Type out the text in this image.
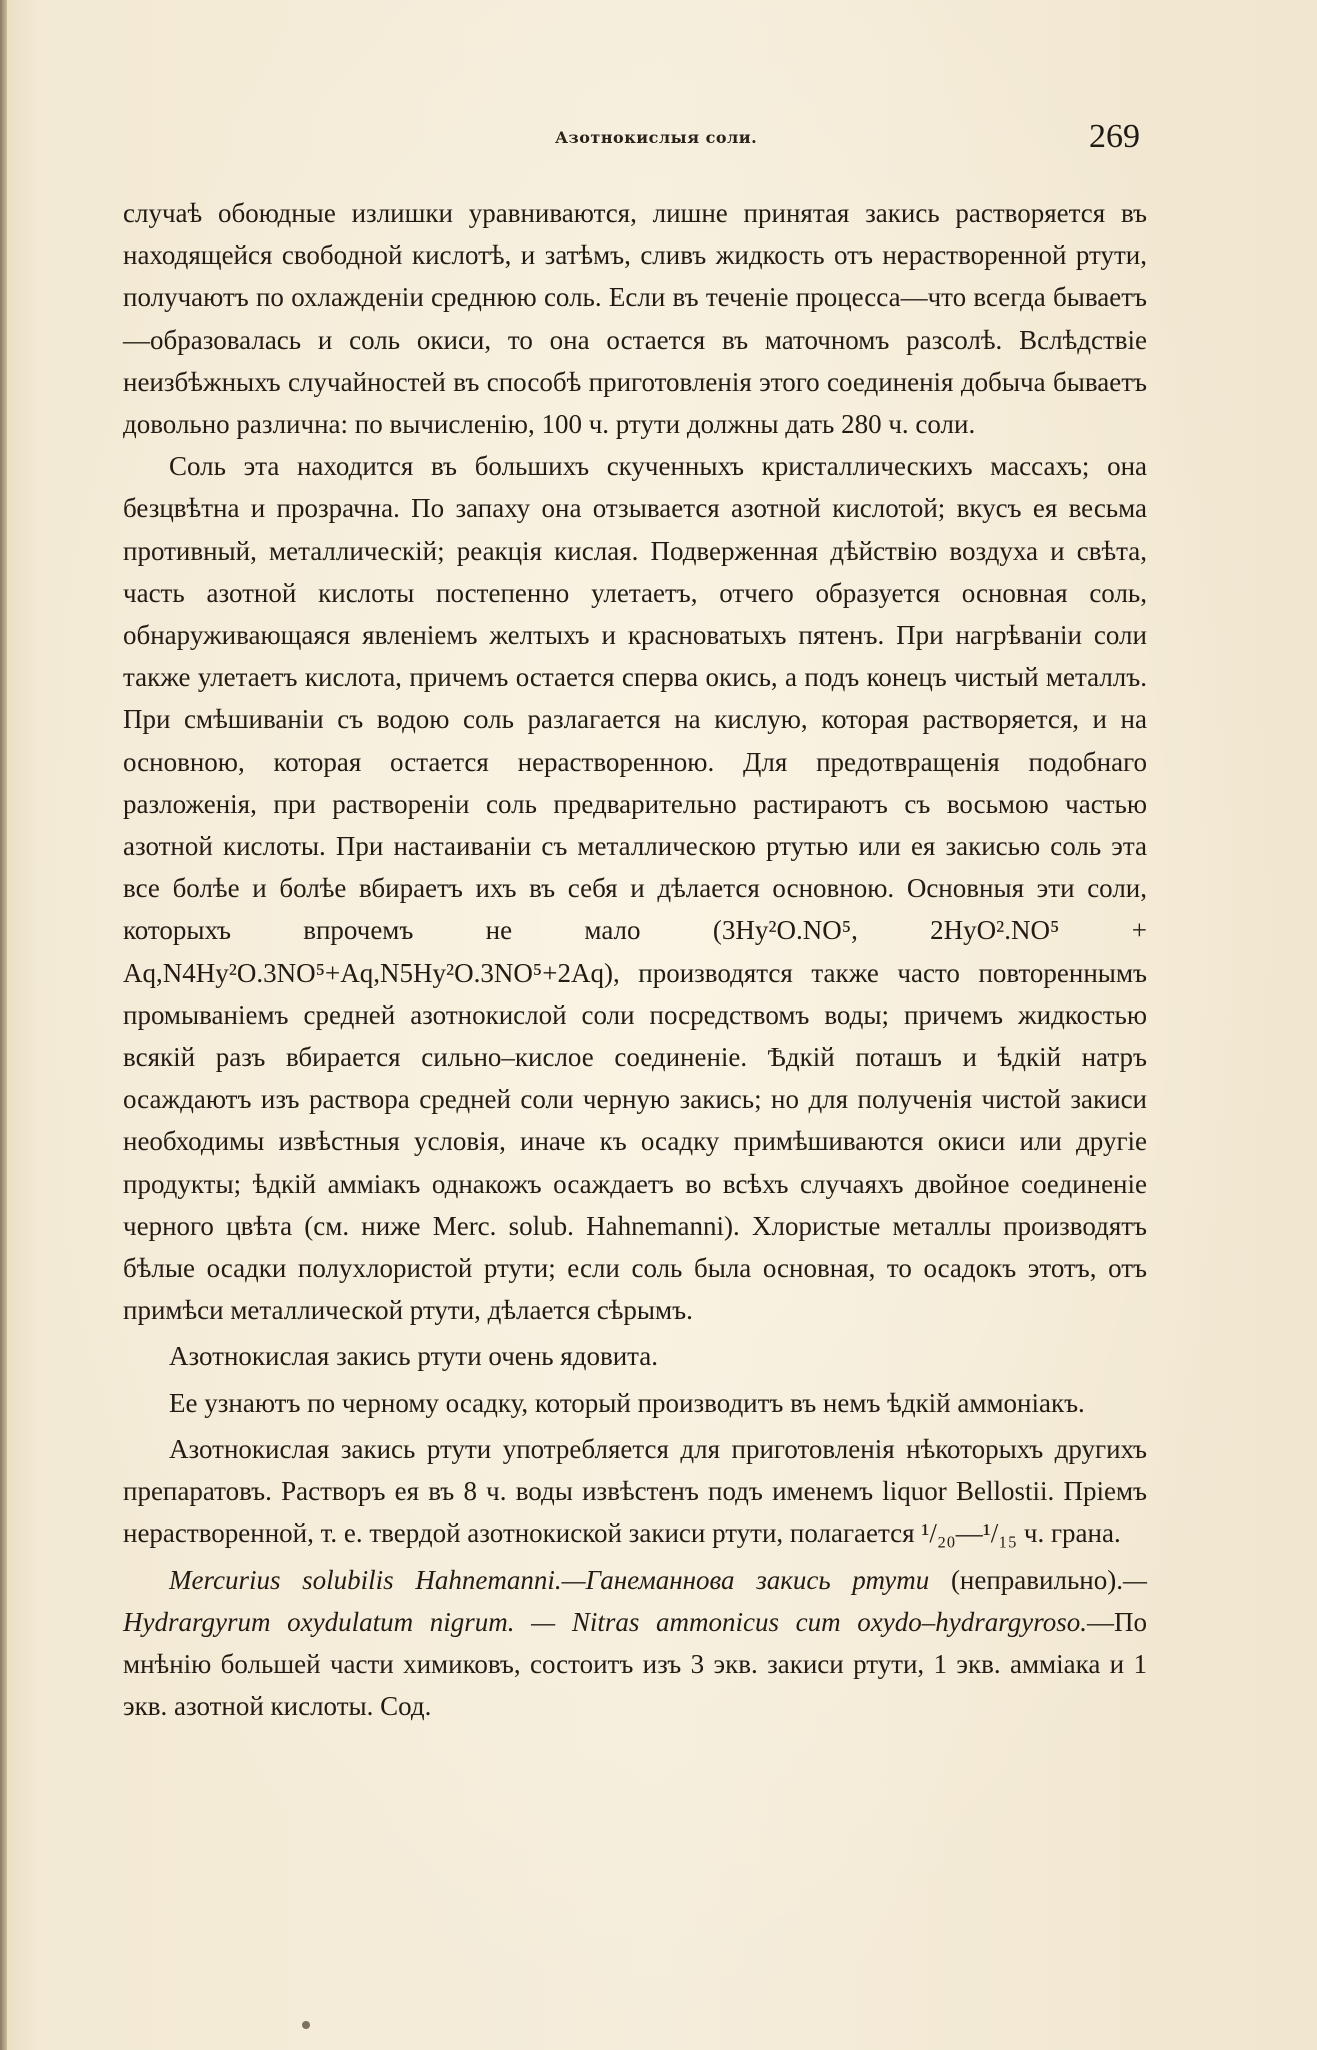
Азотнокислыя соли.	269

случаѣ обоюдные излишки уравниваются, лишне принятая закись растворяется въ находящейся свободной кислотѣ, и затѣмъ, сливъ жидкость отъ нерастворенной ртути, получаютъ по охлажденіи среднюю соль. Если въ теченіе процесса—что всегда бываетъ—образовалась и соль окиси, то она остается въ маточномъ разсолѣ. Вслѣдствіе неизбѣжныхъ случайностей въ способѣ приготовленія этого соединенія добыча бываетъ довольно различна: по вычисленію, 100 ч. ртути должны дать 280 ч. соли.

Соль эта находится въ большихъ скученныхъ кристаллическихъ массахъ; она безцвѣтна и прозрачна. По запаху она отзывается азотной кислотой; вкусъ ея весьма противный, металлическій; реакція кислая. Подверженная дѣйствію воздуха и свѣта, часть азотной кислоты постепенно улетаетъ, отчего образуется основная соль, обнаруживающаяся явленіемъ желтыхъ и красноватыхъ пятенъ. При нагрѣваніи соли также улетаетъ кислота, причемъ остается сперва окись, а подъ конецъ чистый металлъ. При смѣшиваніи съ водою соль разлагается на кислую, которая растворяется, и на основною, которая остается нерастворенною. Для предотвращенія подобнаго разложенія, при раствореніи соль предварительно растираютъ съ восьмою частью азотной кислоты. При настаиваніи съ металлическою ртутью или ея закисью соль эта все болѣе и болѣе вбираетъ ихъ въ себя и дѣлается основною. Основныя эти соли, которыхъ впрочемъ не мало (3Hy²O.NO⁵, 2HyO².NO⁵ + Aq,N4Hy²O.3NO⁵+Aq,N5Hy²O.3NO⁵+2Aq), производятся также часто повтореннымъ промываніемъ средней азотнокислой соли посредствомъ воды; причемъ жидкостью всякій разъ вбирается сильно–кислое соединеніе. Ѣдкій поташъ и ѣдкій натръ осаждаютъ изъ раствора средней соли черную закись; но для полученія чистой закиси необходимы извѣстныя условія, иначе къ осадку примѣшиваются окиси или другіе продукты; ѣдкій амміакъ однакожъ осаждаетъ во всѣхъ случаяхъ двойное соединеніе черного цвѣта (см. ниже Merc. solub. Hahnemanni). Хлористые металлы производятъ бѣлые осадки полухлористой ртути; если соль была основная, то осадокъ этотъ, отъ примѣси металлической ртути, дѣлается сѣрымъ.

Азотнокислая закись ртути очень ядовита.

Ее узнаютъ по черному осадку, который производитъ въ немъ ѣдкій аммоніакъ.

Азотнокислая закись ртути употребляется для приготовленія нѣкоторыхъ другихъ препаратовъ. Растворъ ея въ 8 ч. воды извѣстенъ подъ именемъ liquor Bellostii. Пріемъ нерастворенной, т. е. твердой азотнокиской закиси ртути, полагается ¹/₂₀—¹/₁₅ ч. грана.

Mercurius solubilis Hahnemanni.—Ганеманнова закись ртути (неправильно).—Hydrargyrum oxydulatum nigrum. — Nitras ammonicus cum oxydo–hydrargyroso.—По мнѣнію большей части химиковъ, состоитъ изъ 3 экв. закиси ртути, 1 экв. амміака и 1 экв. азотной кислоты. Сод.
